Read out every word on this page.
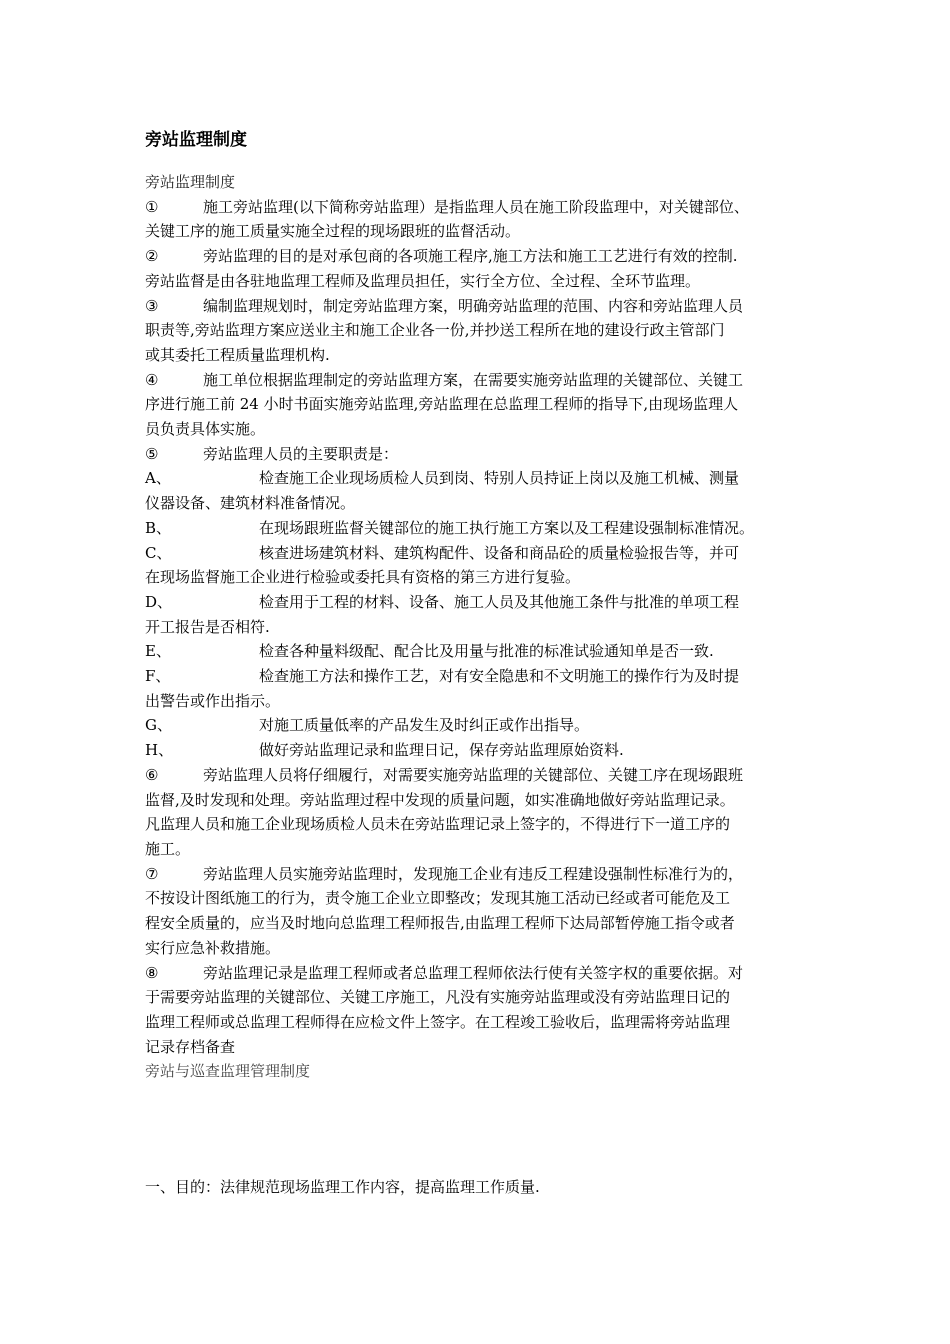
旁站监理制度
旁站监理制度
①	施工旁站监理(以下简称旁站监理）是指监理人员在施工阶段监理中，对关键部位、
关键工序的施工质量实施全过程的现场跟班的监督活动。
②	旁站监理的目的是对承包商的各项施工程序,施工方法和施工工艺进行有效的控制.
旁站监督是由各驻地监理工程师及监理员担任，实行全方位、全过程、全环节监理。
③	编制监理规划时，制定旁站监理方案，明确旁站监理的范围、内容和旁站监理人员
职责等,旁站监理方案应送业主和施工企业各一份,并抄送工程所在地的建设行政主管部门
或其委托工程质量监理机构.
④	施工单位根据监理制定的旁站监理方案，在需要实施旁站监理的关键部位、关键工
序进行施工前 24 小时书面实施旁站监理,旁站监理在总监理工程师的指导下,由现场监理人
员负责具体实施。
⑤	旁站监理人员的主要职责是：
A、	检查施工企业现场质检人员到岗、特别人员持证上岗以及施工机械、测量
仪器设备、建筑材料准备情况。
B、	在现场跟班监督关键部位的施工执行施工方案以及工程建设强制标准情况。
C、	核查进场建筑材料、建筑构配件、设备和商品砼的质量检验报告等，并可
在现场监督施工企业进行检验或委托具有资格的第三方进行复验。
D、	检查用于工程的材料、设备、施工人员及其他施工条件与批准的单项工程
开工报告是否相符.
E、	检查各种量料级配、配合比及用量与批准的标准试验通知单是否一致.
F、	检查施工方法和操作工艺，对有安全隐患和不文明施工的操作行为及时提
出警告或作出指示。
G、	对施工质量低率的产品发生及时纠正或作出指导。
H、	做好旁站监理记录和监理日记，保存旁站监理原始资料.
⑥	旁站监理人员将仔细履行，对需要实施旁站监理的关键部位、关键工序在现场跟班
监督,及时发现和处理。旁站监理过程中发现的质量问题，如实准确地做好旁站监理记录。
凡监理人员和施工企业现场质检人员未在旁站监理记录上签字的，不得进行下一道工序的
施工。
⑦	旁站监理人员实施旁站监理时，发现施工企业有违反工程建设强制性标准行为的，
不按设计图纸施工的行为，责令施工企业立即整改；发现其施工活动已经或者可能危及工
程安全质量的，应当及时地向总监理工程师报告,由监理工程师下达局部暂停施工指令或者
实行应急补救措施。
⑧	旁站监理记录是监理工程师或者总监理工程师依法行使有关签字权的重要依据。对
于需要旁站监理的关键部位、关键工序施工，凡没有实施旁站监理或没有旁站监理日记的
监理工程师或总监理工程师得在应检文件上签字。在工程竣工验收后，监理需将旁站监理
记录存档备查
旁站与巡查监理管理制度
一、目的：法律规范现场监理工作内容，提高监理工作质量.
